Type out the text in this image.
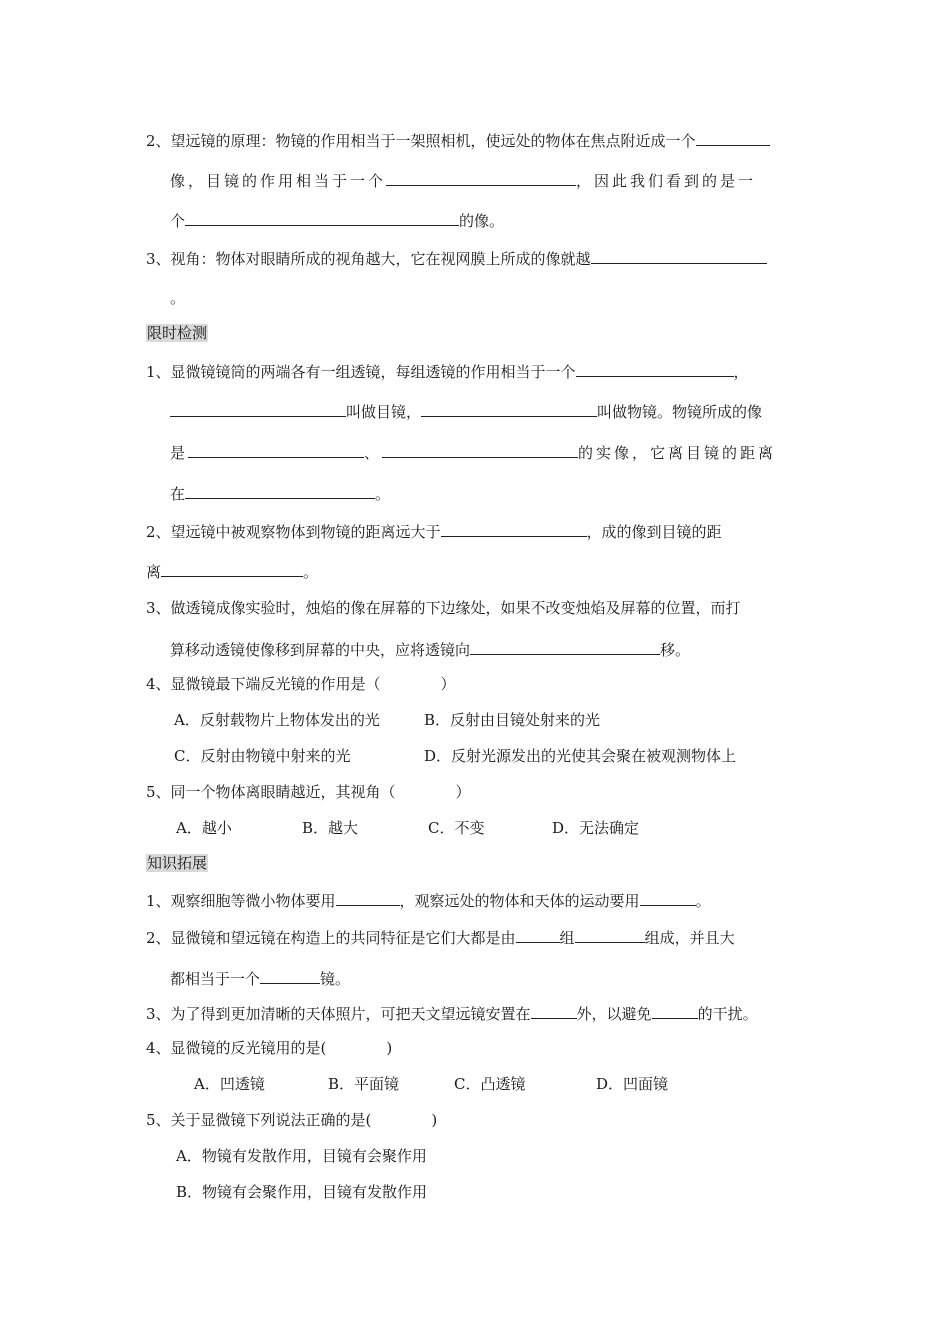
2、望远镜的原理：物镜的作用相当于一架照相机，使远处的物体在焦点附近成一个
像，目镜的作用相当于一个	，因此我们看到的是一
个	的像。
3、视角：物体对眼睛所成的视角越大，它在视网膜上所成的像就越
。
限时检测
1、显微镜镜筒的两端各有一组透镜，每组透镜的作用相当于一个	，
叫做目镜，	叫做物镜。物镜所成的像
是	、	的实像，它离目镜的距离
在	。
2、望远镜中被观察物体到物镜的距离远大于	，成的像到目镜的距
离	。
3、做透镜成像实验时，烛焰的像在屏幕的下边缘处，如果不改变烛焰及屏幕的位置，而打
算移动透镜使像移到屏幕的中央，应将透镜向	移。
4、显微镜最下端反光镜的作用是（　　　　）
A．反射载物片上物体发出的光	B．反射由目镜处射来的光
C．反射由物镜中射来的光	D．反射光源发出的光使其会聚在被观测物体上
5、同一个物体离眼睛越近，其视角（　　　　）
A．越小	B．越大	C．不变	D．无法确定
知识拓展
1、观察细胞等微小物体要用	，观察远处的物体和天体的运动要用	。
2、显微镜和望远镜在构造上的共同特征是它们大都是由	组	组成，并且大
都相当于一个	镜。
3、为了得到更加清晰的天体照片，可把天文望远镜安置在	外，以避免	的干扰。
4、显微镜的反光镜用的是(　　　　)
A．凹透镜	B．平面镜	C．凸透镜	D．凹面镜
5、关于显微镜下列说法正确的是(　　　　)
A．物镜有发散作用，目镜有会聚作用
B．物镜有会聚作用，目镜有发散作用
